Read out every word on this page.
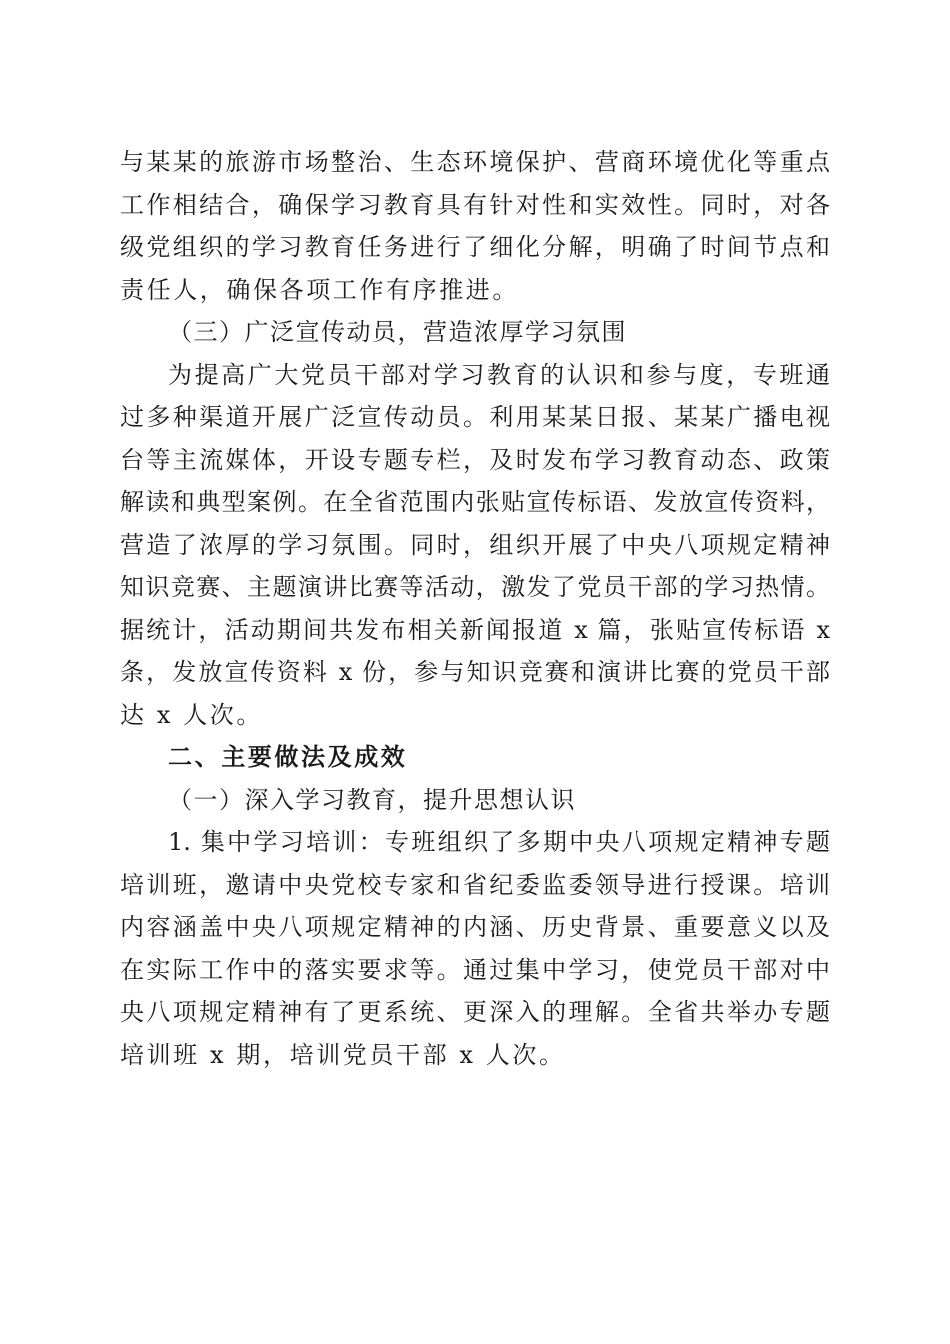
与某某的旅游市场整治、生态环境保护、营商环境优化等重点
工作相结合，确保学习教育具有针对性和实效性。同时，对各
级党组织的学习教育任务进行了细化分解，明确了时间节点和
责任人，确保各项工作有序推进。
（三）广泛宣传动员，营造浓厚学习氛围
为提高广大党员干部对学习教育的认识和参与度，专班通
过多种渠道开展广泛宣传动员。利用某某日报、某某广播电视
台等主流媒体，开设专题专栏，及时发布学习教育动态、政策
解读和典型案例。在全省范围内张贴宣传标语、发放宣传资料，
营造了浓厚的学习氛围。同时，组织开展了中央八项规定精神
知识竞赛、主题演讲比赛等活动，激发了党员干部的学习热情。
据统计，活动期间共发布相关新闻报道 x 篇，张贴宣传标语 x
条，发放宣传资料 x 份，参与知识竞赛和演讲比赛的党员干部
达 x 人次。
二、主要做法及成效
（一）深入学习教育，提升思想认识
1. 集中学习培训：专班组织了多期中央八项规定精神专题
培训班，邀请中央党校专家和省纪委监委领导进行授课。培训
内容涵盖中央八项规定精神的内涵、历史背景、重要意义以及
在实际工作中的落实要求等。通过集中学习，使党员干部对中
央八项规定精神有了更系统、更深入的理解。全省共举办专题
培训班 x 期，培训党员干部 x 人次。
